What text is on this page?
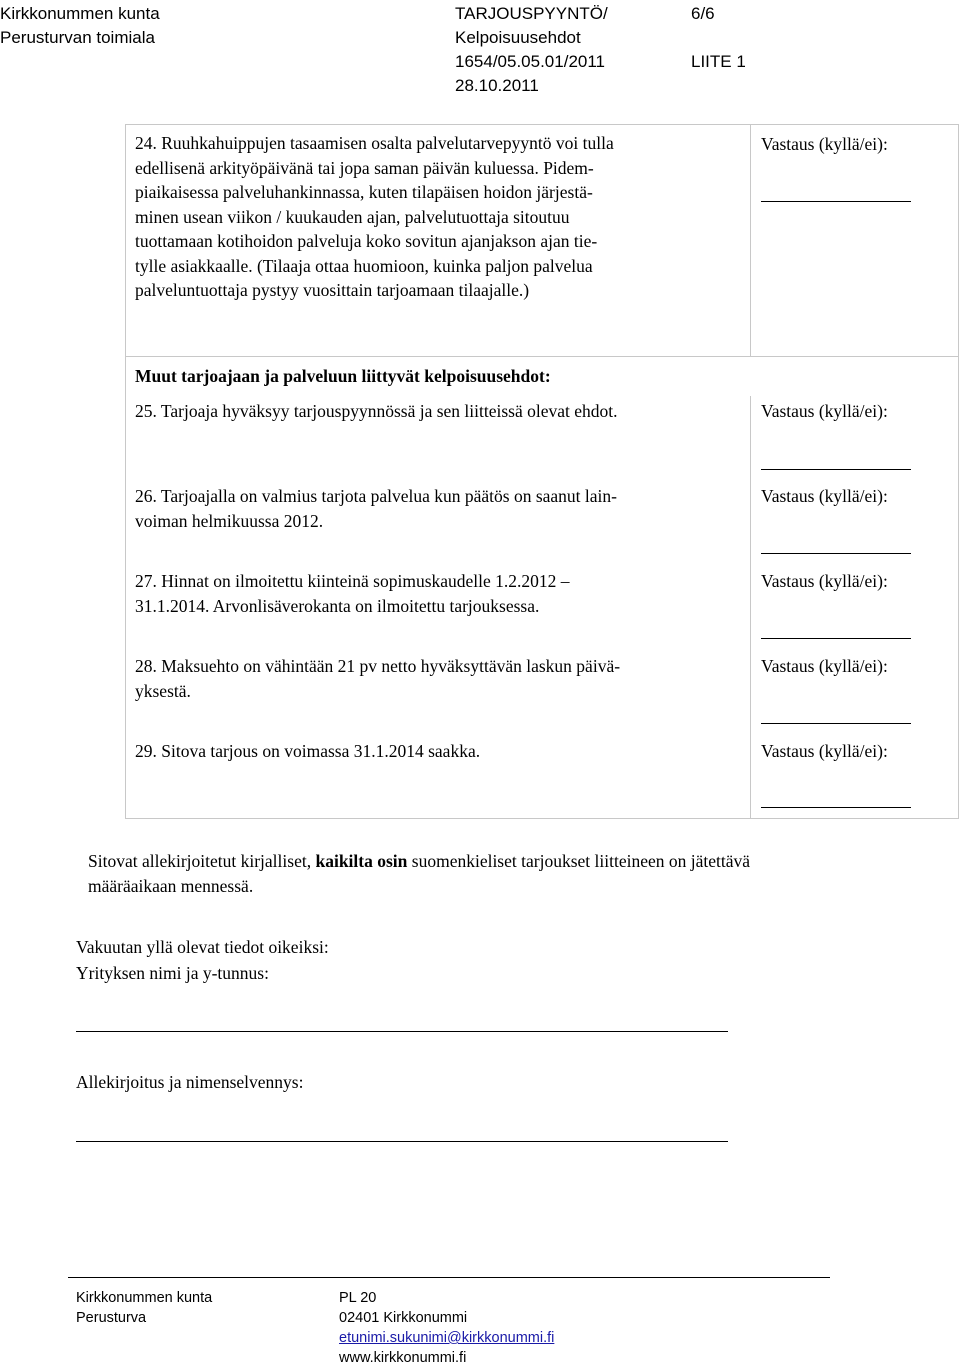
Kirkkonummen kunta
Perusturvan toimiala
TARJOUSPYYNTÖ/
Kelpoisuusehdot
1654/05.05.01/2011
28.10.2011
6/6
LIITE 1
24. Ruuhkahuippujen tasaamisen osalta palvelutarvepyyntö voi tulla
edellisenä arkityöpäivänä tai jopa saman päivän kuluessa. Pidem-
piaikaisessa palveluhankinnassa, kuten tilapäisen hoidon järjestä-
minen usean viikon / kuukauden ajan, palvelutuottaja sitoutuu
tuottamaan kotihoidon palveluja koko sovitun ajanjakson ajan tie-
tylle asiakkaalle. (Tilaaja ottaa huomioon, kuinka paljon palvelua
palveluntuottaja pystyy vuosittain tarjoamaan tilaajalle.)
Vastaus (kyllä/ei):
Muut tarjoajaan ja palveluun liittyvät kelpoisuusehdot:
25. Tarjoaja hyväksyy tarjouspyynnössä ja sen liitteissä olevat ehdot.	Vastaus (kyllä/ei):
26. Tarjoajalla on valmius tarjota palvelua kun päätös on saanut lain-
voiman helmikuussa 2012.
Vastaus (kyllä/ei):
27. Hinnat on ilmoitettu kiinteinä sopimuskaudelle 1.2.2012 –
31.1.2014. Arvonlisäverokanta on ilmoitettu tarjouksessa.
Vastaus (kyllä/ei):
28. Maksuehto on vähintään 21 pv netto hyväksyttävän laskun päivä-
yksestä.
Vastaus (kyllä/ei):
29. Sitova tarjous on voimassa 31.1.2014 saakka.	Vastaus (kyllä/ei):
Sitovat allekirjoitetut kirjalliset, kaikilta osin suomenkieliset tarjoukset liitteineen on jätettävä
määräaikaan mennessä.
Vakuutan yllä olevat tiedot oikeiksi:
Yrityksen nimi ja y-tunnus:
Allekirjoitus ja nimenselvennys:
Kirkkonummen kunta
Perusturva
PL 20
02401 Kirkkonummi
etunimi.sukunimi@kirkkonummi.fi
www.kirkkonummi.fi
